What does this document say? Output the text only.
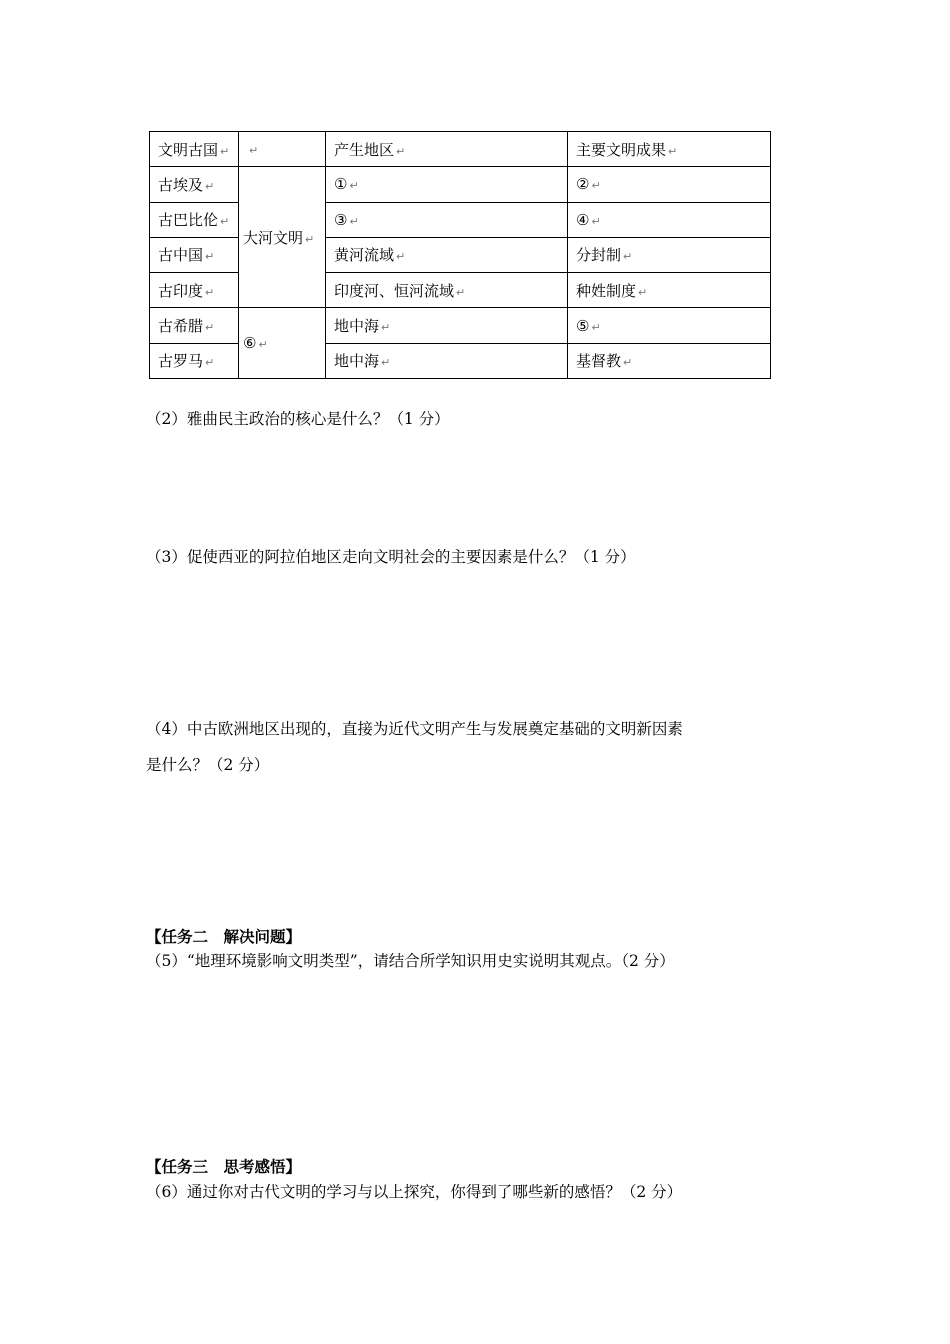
文明古国 ↵	↵	产生地区 ↵	主要文明成果 ↵
古埃及 ↵	大河文明 ↵	① ↵	② ↵
古巴比伦 ↵		③ ↵	④ ↵
古中国 ↵		黄河流域 ↵	分封制 ↵
古印度 ↵		印度河、恒河流域 ↵	种姓制度 ↵
古希腊 ↵	⑥ ↵	地中海 ↵	⑤ ↵
古罗马 ↵		地中海 ↵	基督教 ↵
（2）雅曲民主政治的核心是什么？（1 分）
（3）促使西亚的阿拉伯地区走向文明社会的主要因素是什么？（1 分）
（4）中古欧洲地区出现的，直接为近代文明产生与发展奠定基础的文明新因素
是什么？（2 分）
【任务二　解决问题】
（5）“地理环境影响文明类型”，请结合所学知识用史实说明其观点。（2 分）
【任务三　思考感悟】
（6）通过你对古代文明的学习与以上探究，你得到了哪些新的感悟？（2 分）
